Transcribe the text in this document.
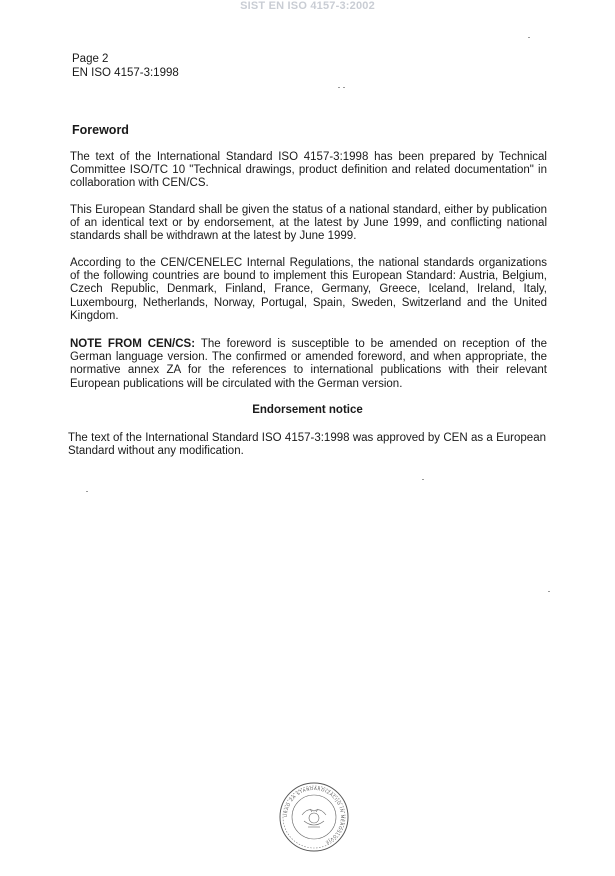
SIST EN ISO 4157-3:2002
Page 2
EN ISO 4157-3:1998
Foreword

The text of the International Standard ISO 4157-3:1998 has been prepared by Technical Committee ISO/TC 10 "Technical drawings, product definition and related documentation" in collaboration with CEN/CS.

This European Standard shall be given the status of a national standard, either by publication of an identical text or by endorsement, at the latest by June 1999, and conflicting national standards shall be withdrawn at the latest by June 1999.

According to the CEN/CENELEC Internal Regulations, the national standards organizations of the following countries are bound to implement this European Standard: Austria, Belgium, Czech Republic, Denmark, Finland, France, Germany, Greece, Iceland, Ireland, Italy, Luxembourg, Netherlands, Norway, Portugal, Spain, Sweden, Switzerland and the United Kingdom.

NOTE FROM CEN/CS: The foreword is susceptible to be amended on reception of the German language version. The confirmed or amended foreword, and when appropriate, the normative annex ZA for the references to international publications with their relevant European publications will be circulated with the German version.

Endorsement notice

The text of the International Standard ISO 4157-3:1998 was approved by CEN as a European Standard without any modification.

URAD ZA STANDARDIZACIJO IN MEROSLOVJE
